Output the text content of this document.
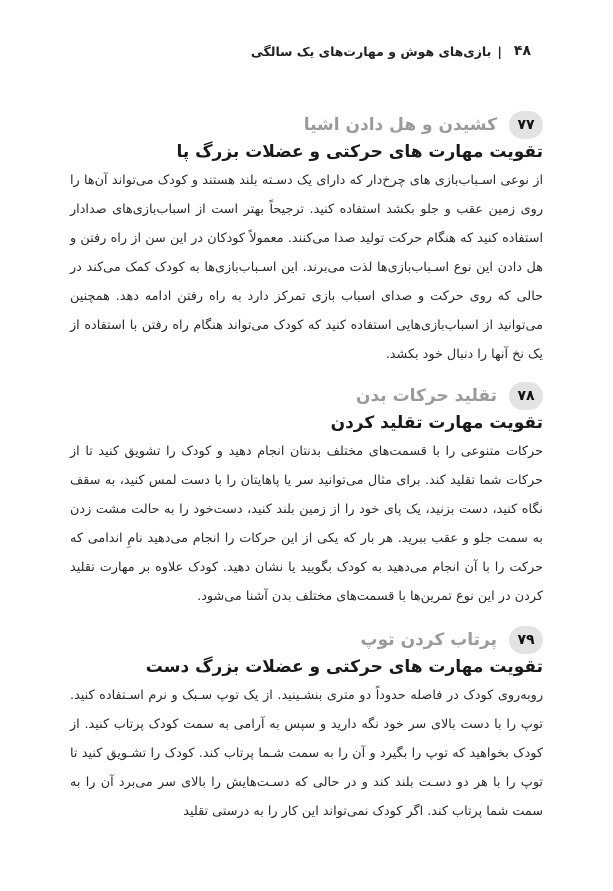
۴۸
|
بازی‌های هوش و مهارت‌های یک سالگی
۷۷
کشیدن و هل دادن اشیا
تقویت مهارت های حرکتی و عضلات بزرگ پا

از نوعی اسـباب‌بازی های چرخ‌دار که دارای یک دسـته بلند هستند و کودک می‌تواند آن‌ها را روی زمین عقب و جلو بکشد استفاده کنید. ترجیحاً بهتر است از اسباب‌بازی‌های صدادار استفاده کنید که هنگام حرکت تولید صدا می‌کنند. معمولاً کودکان در این سن از راه رفتن و هل دادن این نوع اسـباب‌بازی‌ها لذت می‌برند. این اسـباب‌بازی‌ها به کودک کمک می‌کند در حالی که روی حرکت و صدای اسباب بازی تمرکز دارد به راه رفتن ادامه دهد. همچنین می‌توانید از اسباب‌بازی‌هایی استفاده کنید که کودک می‌تواند هنگام راه رفتن با استفاده از یک نخ آنها را دنبال خود بکشد.

۷۸
تقلید حرکات بدن
تقویت مهارت تقلید کردن

حرکات متنوعی را با قسمت‌های مختلف بدنتان انجام دهید و کودک را تشویق کنید تا از حرکات شما تقلید کند. برای مثال می‌توانید سر یا پاهایتان را با دست لمس کنید، به سقف نگاه کنید، دست بزنید، یک پای خود را از زمین بلند کنید، دست‌خود را به حالت مشت زدن به سمت جلو و عقب ببرید. هر بار که یکی از این حرکات را انجام می‌دهید نامِ اندامی که حرکت را با آن انجام می‌دهید به کودک بگویید یا نشان دهید. کودک علاوه بر مهارت تقلید کردن در این نوع تمرین‌ها با قسمت‌های مختلف بدن آشنا می‌شود.

۷۹
پرتاب کردن توپ
تقویت مهارت های حرکتی و عضلات بزرگ دست

روبه‌روی کودک در فاصله حدوداً دو متری بنشـینید. از یک توپ سـبک و نرم اسـتفاده کنید. توپ را با دست بالای سر خود نگه دارید و سپس به آرامی به سمت کودک پرتاب کنید. از کودک بخواهید که توپ را بگیرد و آن را به سمت شـما پرتاب کند. کودک را تشـویق کنید تا توپ را با هر دو دسـت بلند کند و در حالی که دسـت‌هایش را بالای سر می‌برد آن را به سمت شما پرتاب کند. اگر کودک نمی‌تواند این کار را به درستی تقلید
